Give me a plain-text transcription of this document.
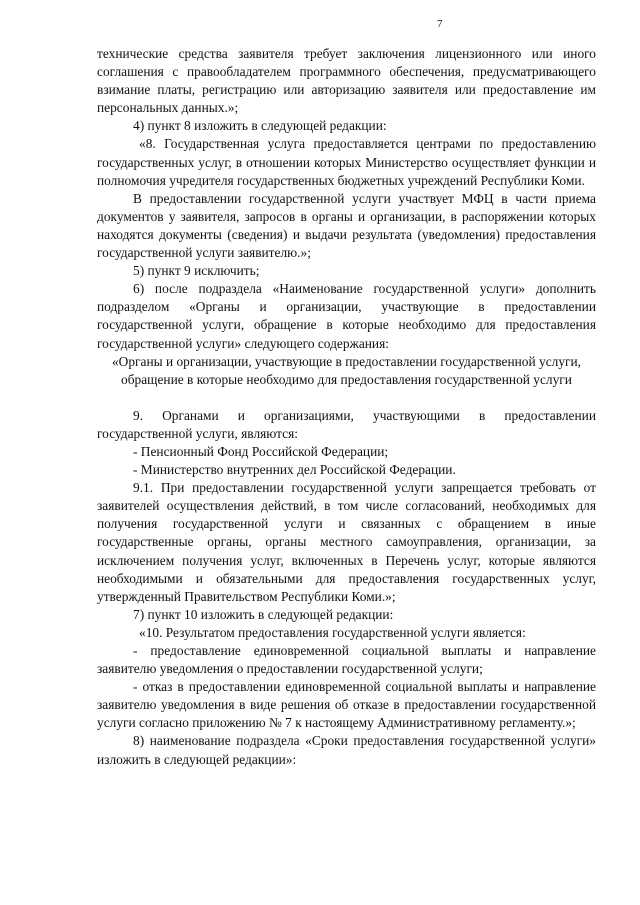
7

технические средства заявителя требует заключения лицензионного или иного соглашения с правообладателем программного обеспечения, предусматривающего взимание платы, регистрацию или авторизацию заявителя или предоставление им персональных данных.»;

4) пункт 8 изложить в следующей редакции:

«8. Государственная услуга предоставляется центрами по предоставлению государственных услуг, в отношении которых Министерство осуществляет функции и полномочия учредителя государственных бюджетных учреждений Республики Коми.

В предоставлении государственной услуги участвует МФЦ в части приема документов у заявителя, запросов в органы и организации, в распоряжении которых находятся документы (сведения) и выдачи результата (уведомления) предоставления государственной услуги заявителю.»;

5) пункт 9 исключить;

6) после подраздела «Наименование государственной услуги» дополнить подразделом «Органы и организации, участвующие в предоставлении государственной услуги, обращение в которые необходимо для предоставления государственной услуги» следующего содержания:

«Органы и организации, участвующие в предоставлении государственной услуги, обращение в которые необходимо для предоставления государственной услуги

9. Органами и организациями, участвующими в предоставлении государственной услуги, являются:

- Пенсионный Фонд Российской Федерации;

- Министерство внутренних дел Российской Федерации.

9.1. При предоставлении государственной услуги запрещается требовать от заявителей осуществления действий, в том числе согласований, необходимых для получения государственной услуги и связанных с обращением в иные государственные органы, органы местного самоуправления, организации, за исключением получения услуг, включенных в Перечень услуг, которые являются необходимыми и обязательными для предоставления государственных услуг, утвержденный Правительством Республики Коми.»;

7) пункт 10 изложить в следующей редакции:

«10. Результатом предоставления государственной услуги является:

- предоставление единовременной социальной выплаты и направление заявителю уведомления о предоставлении государственной услуги;

- отказ в предоставлении единовременной социальной выплаты и направление заявителю уведомления в виде решения об отказе в предоставлении государственной услуги согласно приложению № 7 к настоящему Административному регламенту.»;

8) наименование подраздела «Сроки предоставления государственной услуги» изложить в следующей редакции»:
